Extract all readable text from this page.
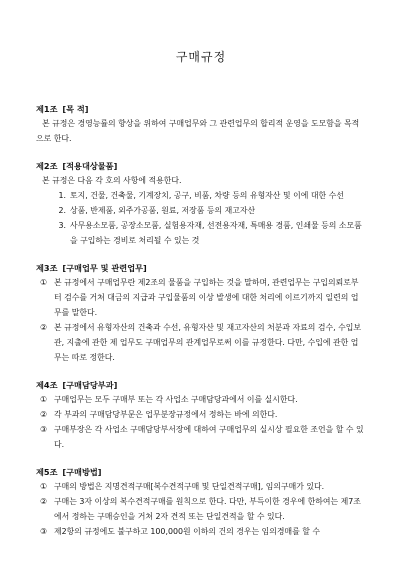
구매규정
제1조 [ 목 적 ]
본 규정은 경영능률의 향상을 위하여 구매업무와 그 관련업무의 합리적 운영을 도모함을 목적으로 한다.
제2조 [ 적용대상물품 ]
본 규정은 다음 각 호의 사항에 적용한다.
1. 토지, 건물, 건축물, 기계장치, 공구, 비품, 차량 등의 유형자산 및 이에 대한 수선
2. 상품, 반제품, 외주가공품, 원료, 저장품 등의 재고자산
3. 사무용소모품, 공장소모품, 실험용자재, 선전용자재, 특매용 경품, 인쇄물 등의 소모품을 구입하는 경비로 처리될 수 있는 것
제3조 [ 구매업무 및 관련업무 ]
① 본 규정에서 구매업무란 제2조의 물품을 구입하는 것을 말하며, 관련업무는 구입의뢰로부터 검수를 거쳐 대금의 지급과 구입물품의 이상 발생에 대한 처리에 이르기까지 일련의 업무를 말한다.
② 본 규정에서 유형자산의 건축과 수선, 유형자산 및 재고자산의 처분과 자료의 검수, 수입보관, 지출에 관한 제 업무도 구매업무의 관계업무로써 이를 규정한다. 다만, 수입에 관한 업무는 따로 정한다.
제4조 [ 구매담당부과 ]
① 구매업무는 모두 구매부 또는 각 사업소 구매담당과에서 이를 실시한다.
② 각 부과의 구매담당부문은 업무분장규정에서 정하는 바에 의한다.
③ 구매부장은 각 사업소 구매담당부서장에 대하여 구매업무의 실시상 필요한 조언을 할 수 있다.
제5조 [ 구매방법 ]
① 구매의 방법은 지명견적구매[복수견적구매 및 단일견적구매], 임의구매가 있다.
② 구매는 3자 이상의 복수견적구매를 원칙으로 한다. 다만, 부득이한 경우에 한하여는 제7조에서 정하는 구매승인을 거쳐 2자 견적 또는 단일견적을 할 수 있다.
③ 제2항의 규정에도 불구하고 100,000원 이하의 건의 경우는 임의경매를 할 수
